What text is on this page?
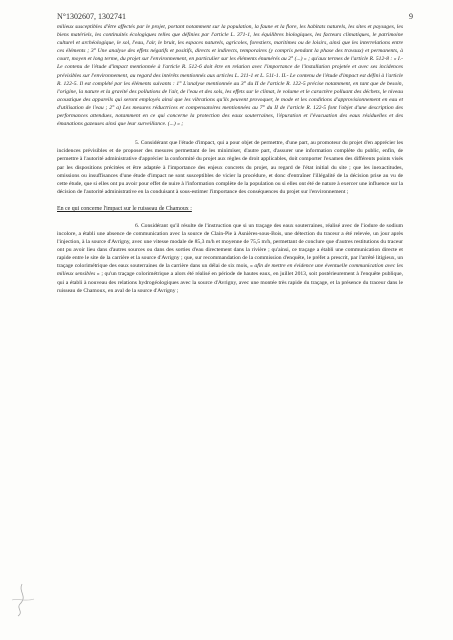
N°1302607, 1302741	9

milieux susceptibles d'être affectés par le projet, portant notamment sur la population, la faune et la flore, les habitats naturels, les sites et paysages, les biens matériels, les continuités écologiques telles que définies par l'article L. 371-1, les équilibres biologiques, les facteurs climatiques, le patrimoine culturel et archéologique, le sol, l'eau, l'air, le bruit, les espaces naturels, agricoles, forestiers, maritimes ou de loisirs, ainsi que les interrelations entre ces éléments ; 3° Une analyse des effets négatifs et positifs, directs et indirects, temporaires (y compris pendant la phase des travaux) et permanents, à court, moyen et long terme, du projet sur l'environnement, en particulier sur les éléments énumérés au 2° (...) » ; qu'aux termes de l'article R. 512-8 : « I.-Le contenu de l'étude d'impact mentionnée à l'article R. 512-6 doit être en relation avec l'importance de l'installation projetée et avec ses incidences prévisibles sur l'environnement, au regard des intérêts mentionnés aux articles L. 211-1 et L. 511-1. II.- Le contenu de l'étude d'impact est défini à l'article R. 122-5. Il est complété par les éléments suivants : 1° L'analyse mentionnée au 3° du II de l'article R. 122-5 précise notamment, en tant que de besoin, l'origine, la nature et la gravité des pollutions de l'air, de l'eau et des sols, les effets sur le climat, le volume et le caractère polluant des déchets, le niveau acoustique des appareils qui seront employés ainsi que les vibrations qu'ils peuvent provoquer, le mode et les conditions d'approvisionnement en eau et d'utilisation de l'eau ; 2° a) Les mesures réductrices et compensatoires mentionnées au 7° du II de l'article R. 122-5 font l'objet d'une description des performances attendues, notamment en ce qui concerne la protection des eaux souterraines, l'épuration et l'évacuation des eaux résiduelles et des émanations gazeuses ainsi que leur surveillance. (...) » ;

5. Considérant que l'étude d'impact, qui a pour objet de permettre, d'une part, au promoteur du projet d'en apprécier les incidences prévisibles et de proposer des mesures permettant de les minimiser, d'autre part, d'assurer une information complète du public, enfin, de permettre à l'autorité administrative d'apprécier la conformité du projet aux règles de droit applicables, doit comporter l'examen des différents points visés par les dispositions précitées et être adaptée à l'importance des enjeux concrets du projet, au regard de l'état initial du site ; que les inexactitudes, omissions ou insuffisances d'une étude d'impact ne sont susceptibles de vicier la procédure, et donc d'entraîner l'illégalité de la décision prise au vu de cette étude, que si elles ont pu avoir pour effet de nuire à l'information complète de la population ou si elles ont été de nature à exercer une influence sur la décision de l'autorité administrative en la conduisant à sous-estimer l'importance des conséquences du projet sur l'environnement ;

En ce qui concerne l'impact sur le ruisseau de Chamoux :

6. Considérant qu'il résulte de l'instruction que si un traçage des eaux souterraines, réalisé avec de l'iodure de sodium incolore, a établi une absence de communication avec la source de Clain-Pie à Asnières-sous-Bois, une détection du traceur a été relevée, un jour après l'injection, à la source d'Avrigny, avec une vitesse modale de 85,3 m/h et moyenne de 75,5 m/h, permettant de conclure que d'autres restitutions du traceur ont pu avoir lieu dans d'autres sources ou dans des sorties d'eau directement dans la rivière ; qu'ainsi, ce traçage a établi une communication directe et rapide entre le site de la carrière et la source d'Avrigny ; que, sur recommandation de la commission d'enquête, le préfet a prescrit, par l'arrêté litigieux, un traçage colorimétrique des eaux souterraines de la carrière dans un délai de six mois, « afin de mettre en évidence une éventuelle communication avec les milieux sensibles » ; qu'un traçage colorimétrique a alors été réalisé en période de hautes eaux, en juillet 2013, soit postérieurement à l'enquête publique, qui a établi à nouveau des relations hydrogéologiques avec la source d'Avrigny, avec une montée très rapide du traçage, et la présence du traceur dans le ruisseau de Chamoux, en aval de la source d'Avrigny ;
